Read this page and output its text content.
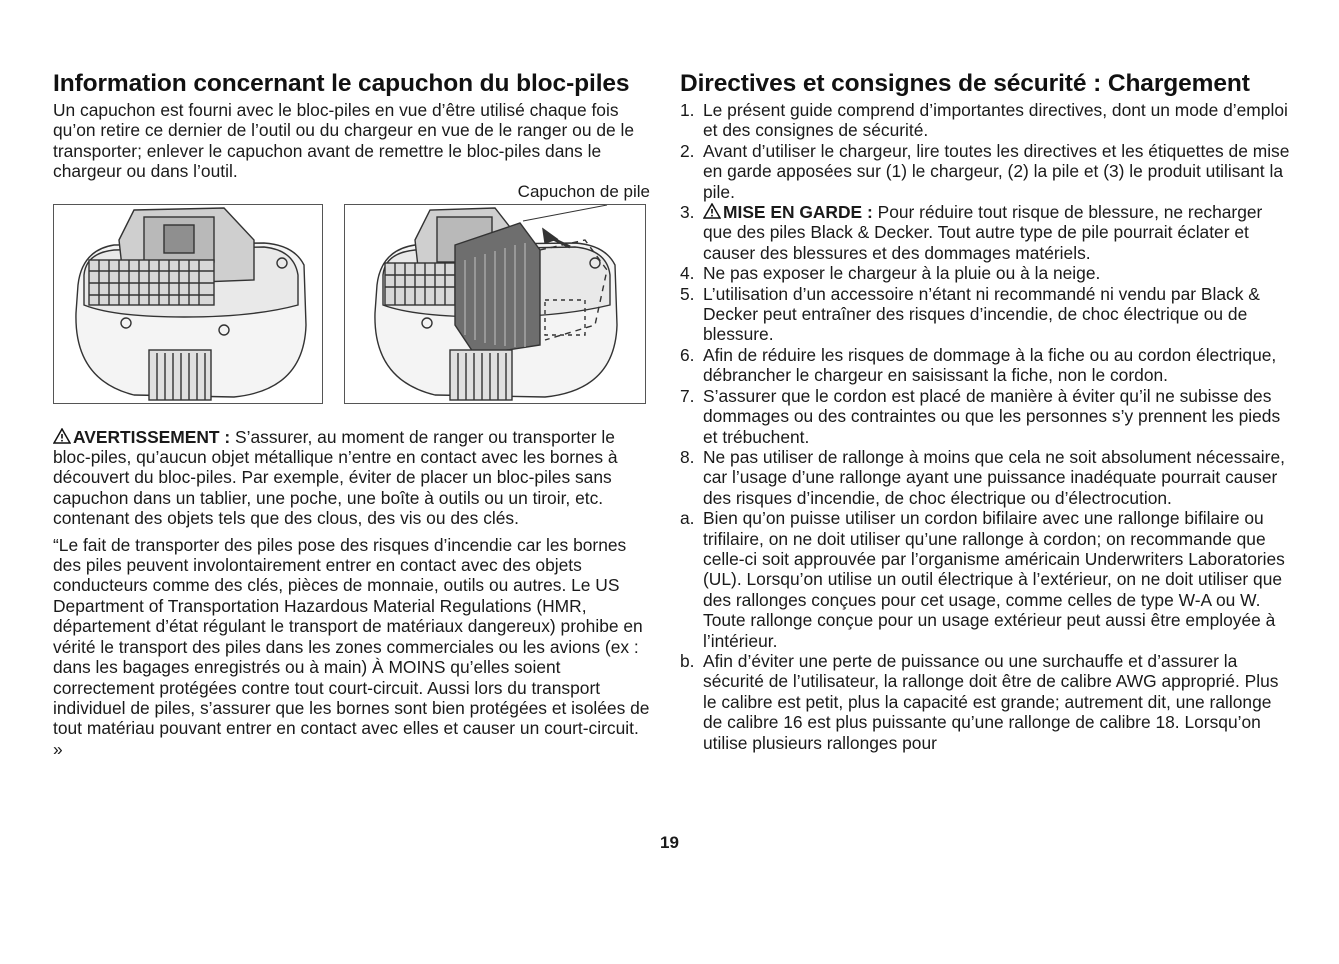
Information concernant le capuchon du bloc-piles

Un capuchon est fourni avec le bloc-piles en vue d’être utilisé chaque fois qu’on retire ce dernier de l’outil ou du chargeur en vue de le ranger ou de le transporter; enlever le capuchon avant de remettre le bloc-piles dans le chargeur ou dans l’outil.

Capuchon de pile

AVERTISSEMENT : S’assurer, au moment de ranger ou transporter le bloc-piles, qu’aucun objet métallique n’entre en contact avec les bornes à découvert du bloc-piles. Par exemple, éviter de placer un bloc-piles sans capuchon dans un tablier, une poche, une boîte à outils ou un tiroir, etc. contenant des objets tels que des clous, des vis ou des clés.

“Le fait de transporter des piles pose des risques d’incendie car les bornes des piles peuvent involontairement entrer en contact avec des objets conducteurs comme des clés, pièces de monnaie, outils ou autres. Le US Department of Transportation Hazardous Material Regulations (HMR, département d’état régulant le transport de matériaux dangereux) prohibe en vérité le transport des piles dans les zones commerciales ou les avions (ex : dans les bagages enregistrés ou à main) À MOINS qu’elles soient correctement protégées contre tout court-circuit. Aussi lors du transport individuel de piles, s’assurer que les bornes sont bien protégées et isolées de tout matériau pouvant entrer en contact avec elles et causer un court-circuit. »

Directives et consignes de sécurité : Chargement
1. Le présent guide comprend d’importantes directives, dont un mode d’emploi et des consignes de sécurité.
2. Avant d’utiliser le chargeur, lire toutes les directives et les étiquettes de mise en garde apposées sur (1) le chargeur, (2) la pile et (3) le produit utilisant la pile.
3. MISE EN GARDE : Pour réduire tout risque de blessure, ne recharger que des piles Black & Decker. Tout autre type de pile pourrait éclater et causer des blessures et des dommages matériels.
4. Ne pas exposer le chargeur à la pluie ou à la neige.
5. L’utilisation d’un accessoire n’étant ni recommandé ni vendu par Black & Decker peut entraîner des risques d’incendie, de choc électrique ou de blessure.
6. Afin de réduire les risques de dommage à la fiche ou au cordon électrique, débrancher le chargeur en saisissant la fiche, non le cordon.
7. S’assurer que le cordon est placé de manière à éviter qu’il ne subisse des dommages ou des contraintes ou que les personnes s’y prennent les pieds et trébuchent.
8. Ne pas utiliser de rallonge à moins que cela ne soit absolument nécessaire, car l’usage d’une rallonge ayant une puissance inadéquate pourrait causer des risques d’incendie, de choc électrique ou d’électrocution.
a. Bien qu’on puisse utiliser un cordon bifilaire avec une rallonge bifilaire ou trifilaire, on ne doit utiliser qu’une rallonge à cordon; on recommande que celle-ci soit approuvée par l’organisme américain Underwriters Laboratories (UL). Lorsqu’on utilise un outil électrique à l’extérieur, on ne doit utiliser que des rallonges conçues pour cet usage, comme celles de type W-A ou W. Toute rallonge conçue pour un usage extérieur peut aussi être employée à l’intérieur.
b. Afin d’éviter une perte de puissance ou une surchauffe et d’assurer la sécurité de l’utilisateur, la rallonge doit être de calibre AWG approprié. Plus le calibre est petit, plus la capacité est grande; autrement dit, une rallonge de calibre 16 est plus puissante qu’une rallonge de calibre 18. Lorsqu’on utilise plusieurs rallonges pour
19
